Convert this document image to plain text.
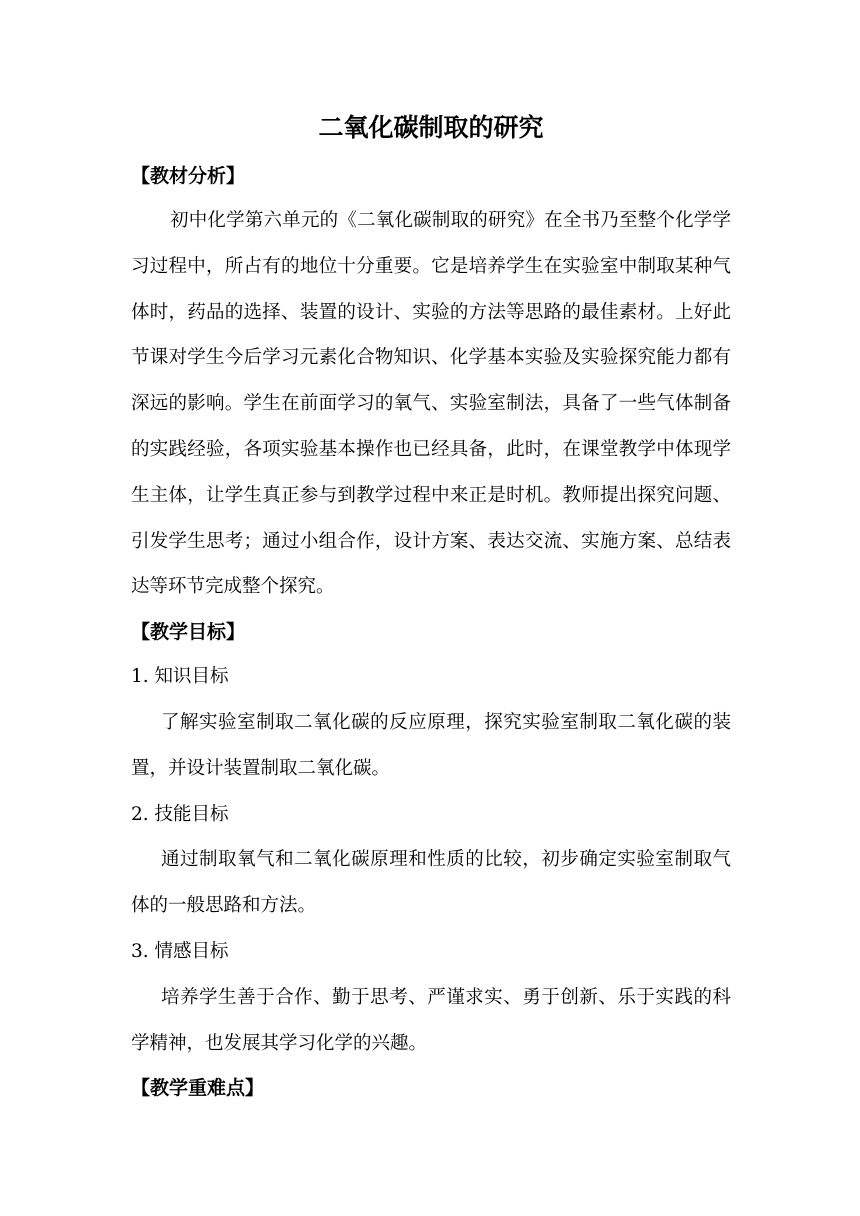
二氧化碳制取的研究
【教材分析】

初中化学第六单元的《二氧化碳制取的研究》在全书乃至整个化学学习过程中，所占有的地位十分重要。它是培养学生在实验室中制取某种气体时，药品的选择、装置的设计、实验的方法等思路的最佳素材。上好此节课对学生今后学习元素化合物知识、化学基本实验及实验探究能力都有深远的影响。学生在前面学习的氧气、实验室制法，具备了一些气体制备的实践经验，各项实验基本操作也已经具备，此时，在课堂教学中体现学生主体，让学生真正参与到教学过程中来正是时机。教师提出探究问题、引发学生思考；通过小组合作，设计方案、表达交流、实施方案、总结表达等环节完成整个探究。

【教学目标】
1. 知识目标

了解实验室制取二氧化碳的反应原理，探究实验室制取二氧化碳的装置，并设计装置制取二氧化碳。

2. 技能目标

通过制取氧气和二氧化碳原理和性质的比较，初步确定实验室制取气体的一般思路和方法。

3. 情感目标

培养学生善于合作、勤于思考、严谨求实、勇于创新、乐于实践的科学精神，也发展其学习化学的兴趣。

【教学重难点】
